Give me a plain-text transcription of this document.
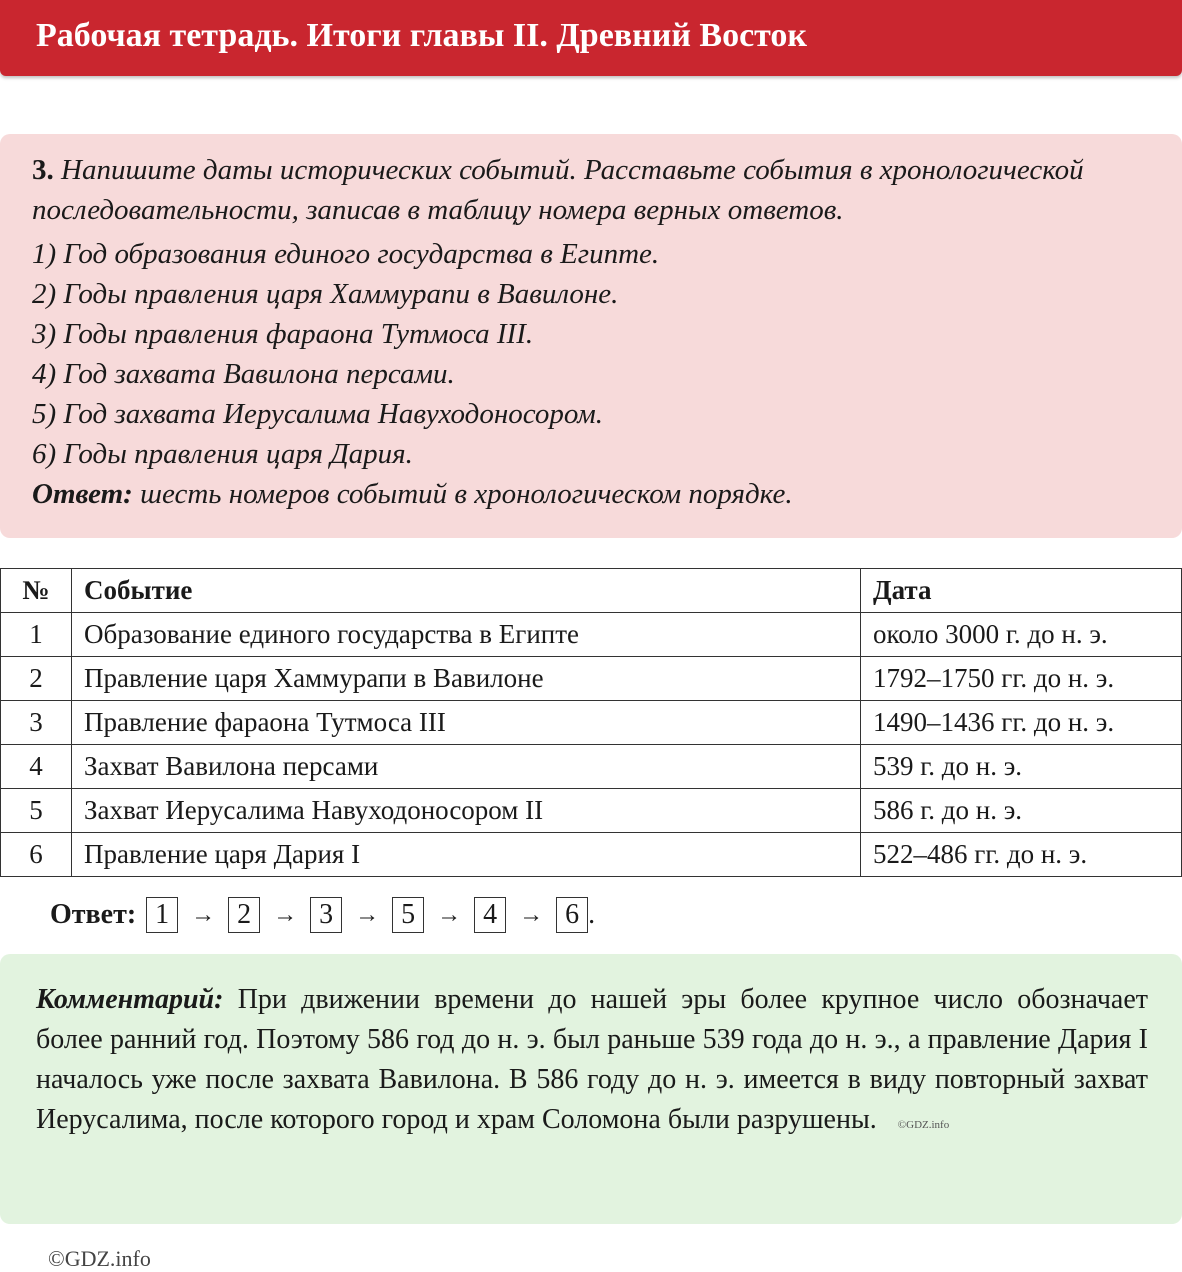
Рабочая тетрадь. Итоги главы II. Древний Восток

3. Напишите даты исторических событий. Расставьте события в хронологической последовательности, записав в таблицу номера верных ответов.

1) Год образования единого государства в Египте.

2) Годы правления царя Хаммурапи в Вавилоне.

3) Годы правления фараона Тутмоса III.

4) Год захвата Вавилона персами.

5) Год захвата Иерусалима Навуходоносором.

6) Годы правления царя Дария.

Ответ: шесть номеров событий в хронологическом порядке.

№	Событие	Дата
1	Образование единого государства в Египте	около 3000 г. до н. э.
2	Правление царя Хаммурапи в Вавилоне	1792–1750 гг. до н. э.
3	Правление фараона Тутмоса III	1490–1436 гг. до н. э.
4	Захват Вавилона персами	539 г. до н. э.
5	Захват Иерусалима Навуходоносором II	586 г. до н. э.
6	Правление царя Дария I	522–486 гг. до н. э.
Ответ: 1 → 2 → 3 → 5 → 4 → 6 .
Комментарий: При движении времени до нашей эры более крупное число обозначает более ранний год. Поэтому 586 год до н. э. был раньше 539 года до н. э., а правление Дария I началось уже после захвата Вавилона. В 586 году до н. э. имеется в виду повторный захват Иерусалима, после которого город и храм Соломона были разрушены. ©GDZ.info
©GDZ.info
